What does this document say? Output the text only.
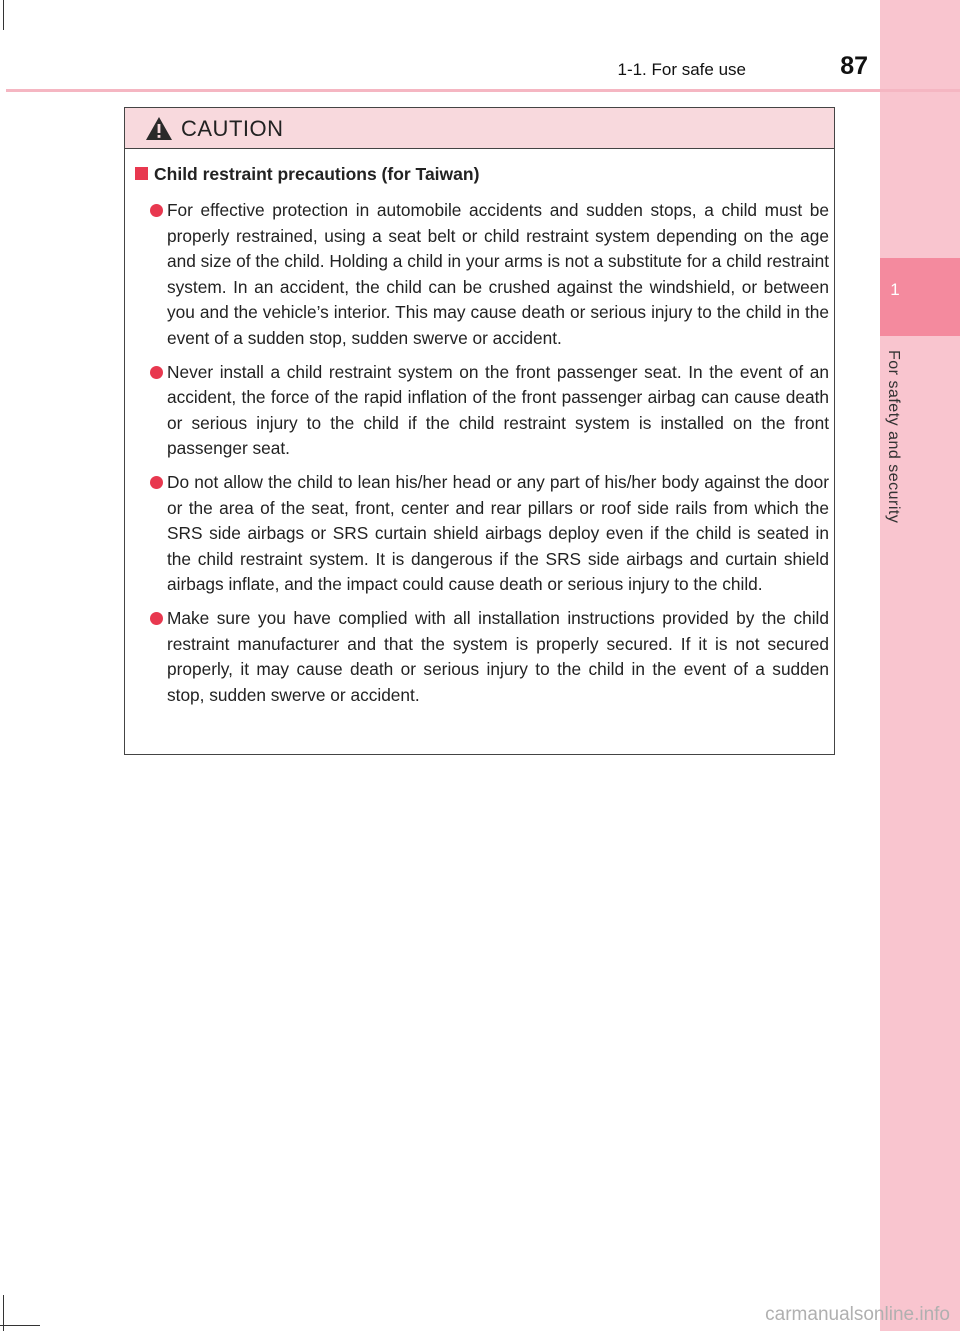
1
For safety and security
1-1. For safe use	87
CAUTION
Child restraint precautions (for Taiwan)
For effective protection in automobile accidents and sudden stops, a child must be properly restrained, using a seat belt or child restraint system depending on the age and size of the child. Holding a child in your arms is not a substitute for a child restraint system. In an accident, the child can be crushed against the windshield, or between you and the vehicle’s interior. This may cause death or serious injury to the child in the event of a sudden stop, sudden swerve or accident.
Never install a child restraint system on the front passenger seat. In the event of an accident, the force of the rapid inflation of the front passenger airbag can cause death or serious injury to the child if the child restraint system is installed on the front passenger seat.
Do not allow the child to lean his/her head or any part of his/her body against the door or the area of the seat, front, center and rear pillars or roof side rails from which the SRS side airbags or SRS curtain shield airbags deploy even if the child is seated in the child restraint system. It is dangerous if the SRS side airbags and curtain shield airbags inflate, and the impact could cause death or serious injury to the child.
Make sure you have complied with all installation instructions provided by the child restraint manufacturer and that the system is properly secured. If it is not secured properly, it may cause death or serious injury to the child in the event of a sudden stop, sudden swerve or accident.
carmanualsonline.info
